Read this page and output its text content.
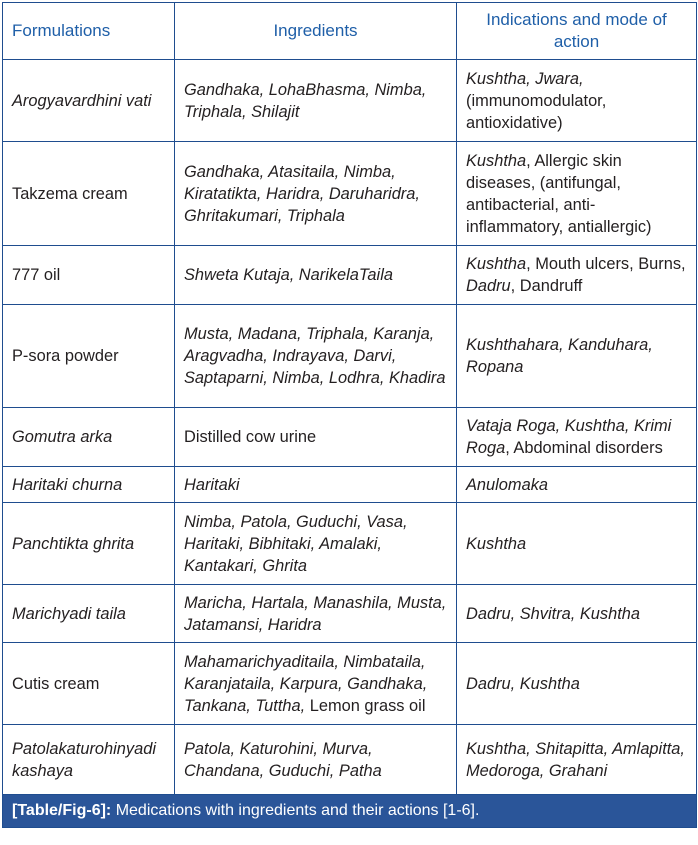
Formulations	Ingredients	Indications and mode of action
Arogyavardhini vati	Gandhaka, LohaBhasma, Nimba, Triphala, Shilajit	Kushtha, Jwara, (immunomodulator, antioxidative)
Takzema cream	Gandhaka, Atasitaila, Nimba, Kiratatikta, Haridra, Daruharidra, Ghritakumari, Triphala	Kushtha, Allergic skin diseases, (antifungal, antibacterial, anti-inflammatory, antiallergic)
777 oil	Shweta Kutaja, NarikelaTaila	Kushtha, Mouth ulcers, Burns, Dadru, Dandruff
P-sora powder	Musta, Madana, Triphala, Karanja, Aragvadha, Indrayava, Darvi, Saptaparni, Nimba, Lodhra, Khadira	Kushthahara, Kanduhara, Ropana
Gomutra arka	Distilled cow urine	Vataja Roga, Kushtha, Krimi Roga, Abdominal disorders
Haritaki churna	Haritaki	Anulomaka
Panchtikta ghrita	Nimba, Patola, Guduchi, Vasa, Haritaki, Bibhitaki, Amalaki, Kantakari, Ghrita	Kushtha
Marichyadi taila	Maricha, Hartala, Manashila, Musta, Jatamansi, Haridra	Dadru, Shvitra, Kushtha
Cutis cream	Mahamarichyaditaila, Nimbataila, Karanjataila, Karpura, Gandhaka, Tankana, Tuttha, Lemon grass oil	Dadru, Kushtha
Patolakaturohinyadi kashaya	Patola, Katurohini, Murva, Chandana, Guduchi, Patha	Kushtha, Shitapitta, Amlapitta, Medoroga, Grahani
[Table/Fig-6]: Medications with ingredients and their actions [1-6].
